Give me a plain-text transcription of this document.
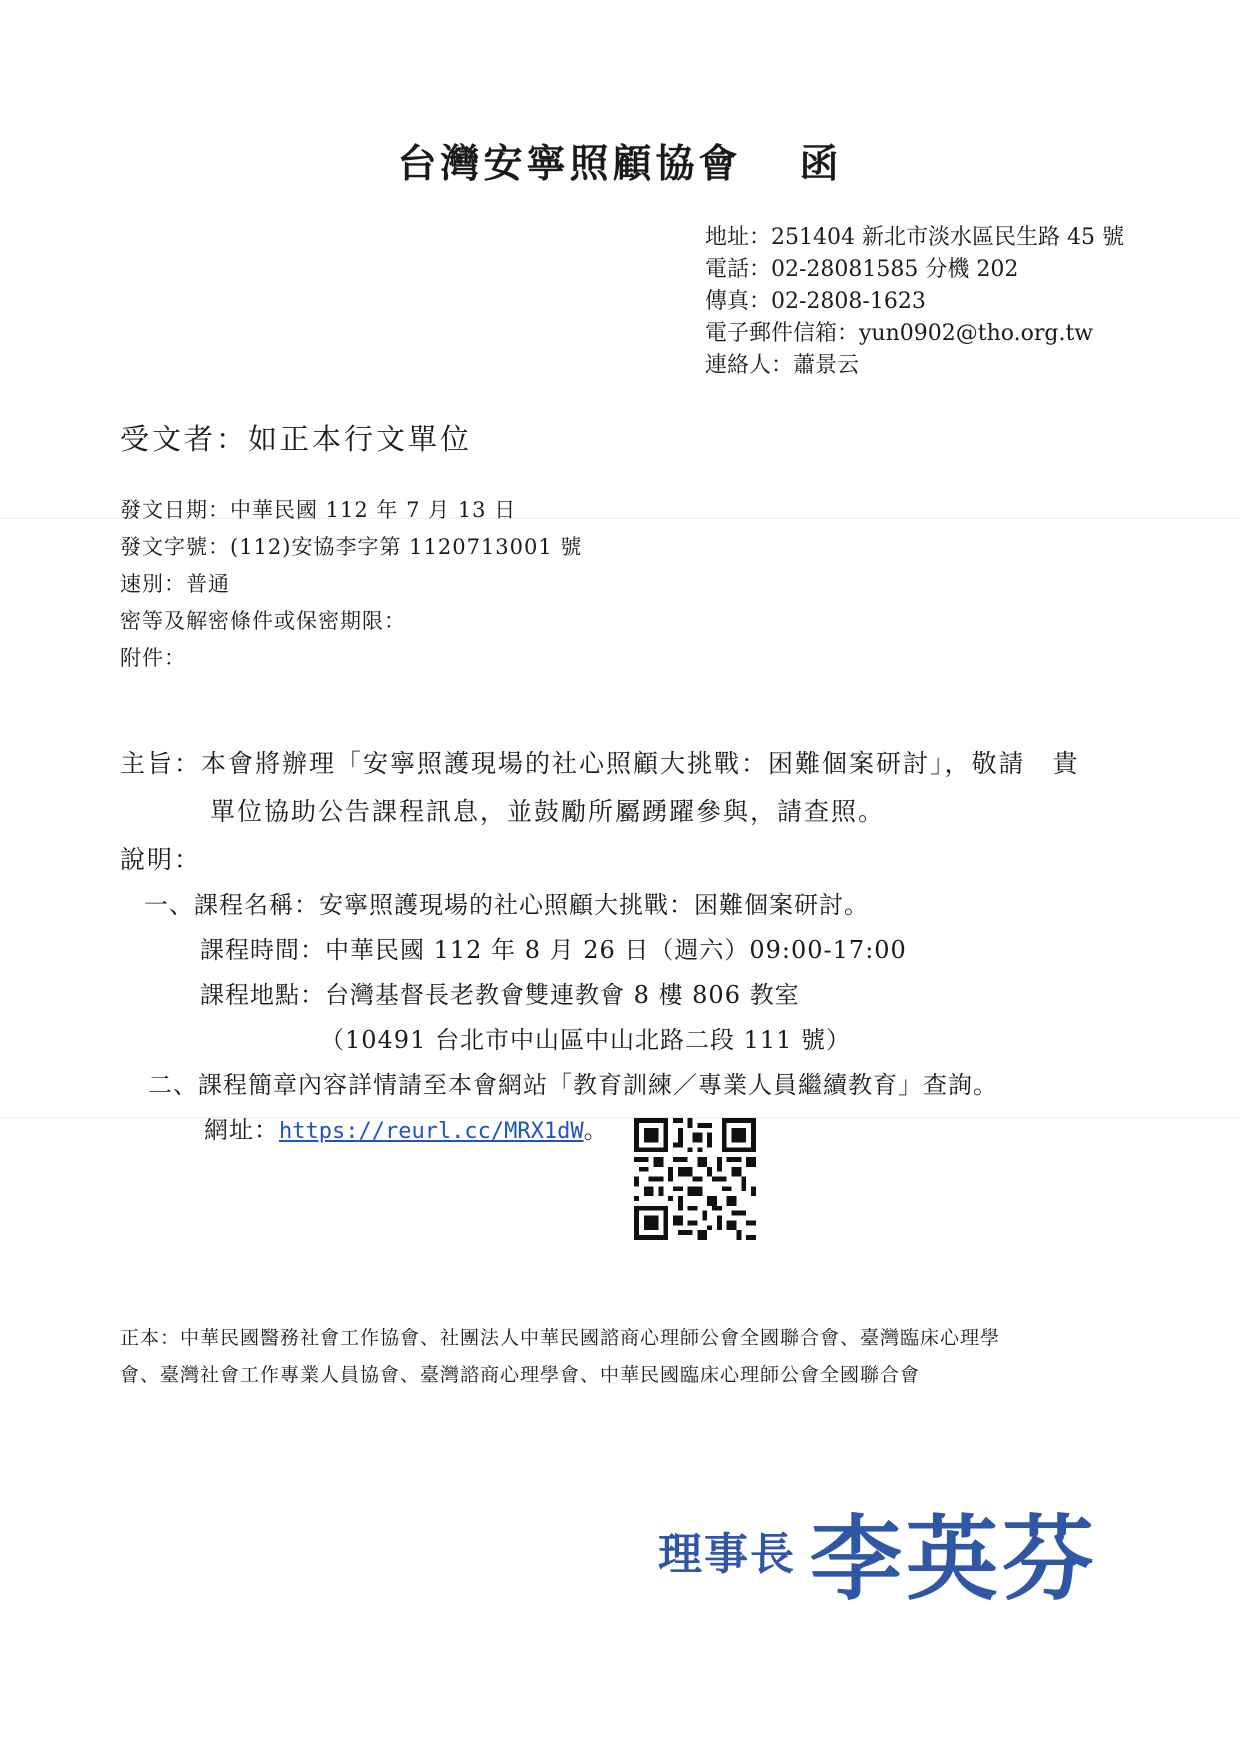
台灣安寧照顧協會 函
地址：251404 新北市淡水區民生路 45 號
電話：02-28081585 分機 202
傳真：02-2808-1623
電子郵件信箱：yun0902@tho.org.tw
連絡人：蕭景云
受文者：如正本行文單位
發文日期：中華民國 112 年 7 月 13 日
發文字號：(112)安協李字第 1120713001 號
速別：普通
密等及解密條件或保密期限：
附件：
主旨：本會將辦理「安寧照護現場的社心照顧大挑戰：困難個案研討」，敬請　貴
單位協助公告課程訊息，並鼓勵所屬踴躍參與，請查照。
說明：
一、課程名稱：安寧照護現場的社心照顧大挑戰：困難個案研討。
課程時間：中華民國 112 年 8 月 26 日（週六）09:00-17:00
課程地點：台灣基督長老教會雙連教會 8 樓 806 教室
（10491 台北市中山區中山北路二段 111 號）
二、課程簡章內容詳情請至本會網站「教育訓練／專業人員繼續教育」查詢。
網址：https://reurl.cc/MRX1dW。
正本：中華民國醫務社會工作協會、社團法人中華民國諮商心理師公會全國聯合會、臺灣臨床心理學
會、臺灣社會工作專業人員協會、臺灣諮商心理學會、中華民國臨床心理師公會全國聯合會
理事長 李英芬
